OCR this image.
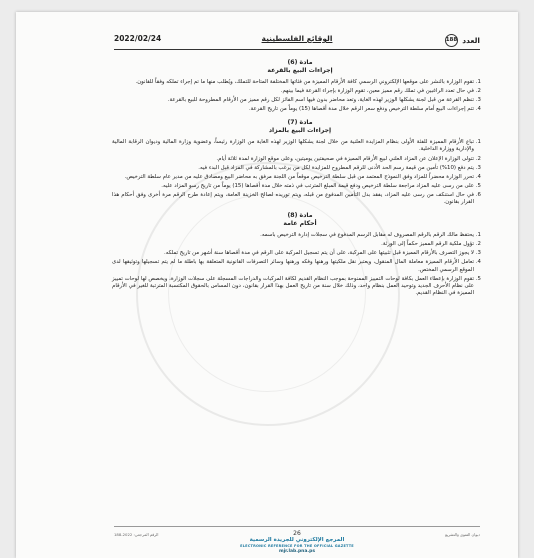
العدد
188
الوقائع الفلسطينية
2022/02/24
مادة (6)
إجراءات البيع بالقرعة
1. تقوم الوزارة بالنشر على موقعها الإلكتروني الرسمي كافة الأرقام المميزة من فئاتها المختلفة المتاحة للتملك، ويُطلب منها ما تم إجراء تملكه وفقاً للقانون.
2. في حال تعدد الراغبين في تملك رقم مميز معين، تقوم الوزارة بإجراء القرعة فيما بينهم.
3. تنظم القرعة من قبل لجنة يشكلها الوزير لهذه الغاية، وتعد محاضر بدون فيها اسم الفائز لكل رقم مميز من الأرقام المطروحة للبيع بالقرعة.
4. تتم إجراءات البيع أمام سلطة الترخيص ودفع سعر الرقم خلال مدة أقصاها (15) يوماً من تاريخ القرعة.
مادة (7)
إجراءات البيع بالمزاد
1. تباع الأرقام المميزة للفئة الأولى بنظام المزايدة العلنية من خلال لجنة يشكلها الوزير لهذه الغاية من الوزارة رئيساً، وعضوية وزارة المالية وديوان الرقابة المالية والإدارية ووزارة الداخلية.
2. تتولى الوزارة الإعلان عن المزاد العلني لبيع الأرقام المميزة في صحيفتين يوميتين، وعلى موقع الوزارة لمدة ثلاثة أيام.
3. يتم دفع (10%) تأمين من قيمة رسم الحد الأدنى للرقم المطروح للمزايدة لكل من يرغب بالمشاركة في المزاد قبل البدء فيه.
4. تحرر الوزارة محضراً للمزاد وفق النموذج المعتمد من قبل سلطة الترخيص موقعاً من اللجنة مرفق به محاضر البيع ومصادق عليه من مدير عام سلطة الترخيص.
5. على من رسى عليه المزاد مراجعة سلطة الترخيص ودفع قيمة المبلغ المترتب في ذمته خلال مدة أقصاها (15) يوماً من تاريخ رسو المزاد عليه.
6. في حال استنكف من رسى عليه المزاد، يفقد بدل التأمين المدفوع من قبله، ويتم توريده لصالح الخزينة العامة، ويتم إعادة طرح الرقم مرة أخرى وفق أحكام هذا القرار بقانون.
مادة (8)
أحكام عامة
1. يحتفظ مالك الرقم بالرقم المصروف له مقابل الرسم المدفوع في سجلات إدارة الترخيص باسمه.
2. تؤول ملكية الرقم المميز حكماً إلى الورثة.
3. لا يجوز التصرف بالأرقام المميزة قبل تثبيتها على المركبة، على أن يتم تسجيل المركبة على الرقم في مدة أقصاها سنة أشهر من تاريخ تملكه.
4. تعامل الأرقام المميزة معاملة المال المنقول، ويعتبر نقل ملكيتها ورهنها وفكه ورهنها وسائر التصرفات القانونية المتعلقة بها باطلة ما لم يتم تسجيلها وتوثيقها لدى الموقع الرسمي المختص.
5. تقوم الوزارة بإعطاء العمل بكافة لوحات التمييز الممنوحة بموجب النظام القديم لكافة المركبات والدراجات المسجلة على سجلات الوزارة، ويخصص لها لوحات تمييز على نظام الأحرف الجديد وتوحيد العمل بنظام واحد، وذلك خلال سنة من تاريخ العمل بهذا القرار بقانون، دون المساس بالحقوق المكتسبة المترتبة للغير في الأرقام المميزة في النظام القديم.
الرقم المرجعي: 2022-188	26	ديوان الفتوى والتشريع
المرجع الإلكتروني للجريدة الرسمية
ELECTRONIC REFERENCE FOR THE OFFICIAL GAZETTE
mjr.lab.pna.ps
